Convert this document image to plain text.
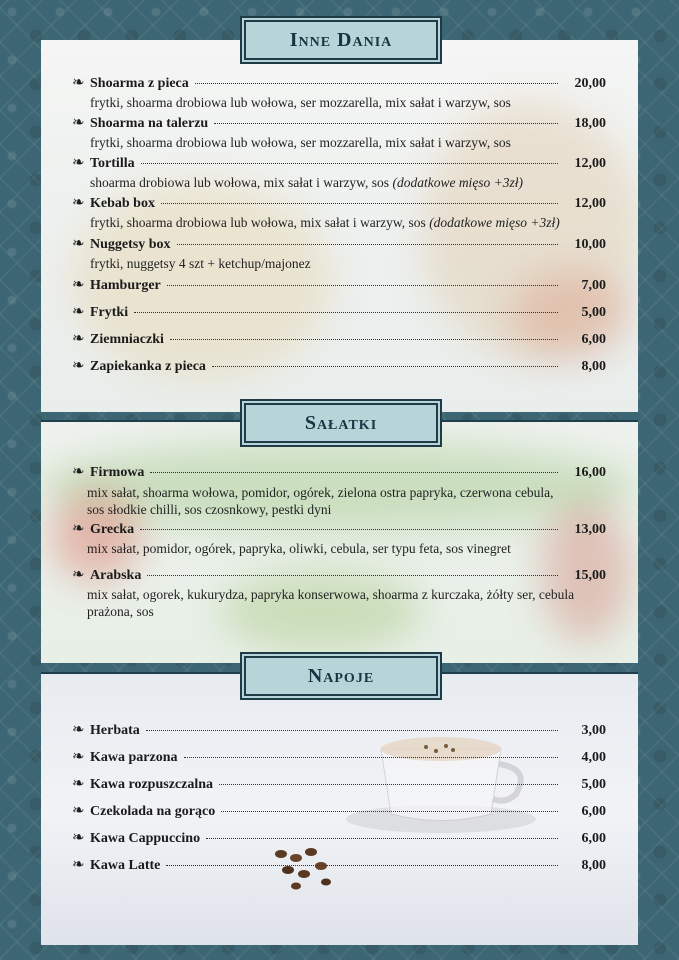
Inne Dania
Sałatki
Napoje
❧ Shoarma z pieca	20,00
frytki, shoarma drobiowa lub wołowa, ser mozzarella, mix sałat i warzyw, sos
❧ Shoarma na talerzu	18,00
frytki, shoarma drobiowa lub wołowa, ser mozzarella, mix sałat i warzyw, sos
❧ Tortilla	12,00
shoarma drobiowa lub wołowa, mix sałat i warzyw, sos (dodatkowe mięso +3zł)
❧ Kebab box	12,00
frytki, shoarma drobiowa lub wołowa, mix sałat i warzyw, sos (dodatkowe mięso +3zł)
❧ Nuggetsy box	10,00
frytki, nuggetsy 4 szt + ketchup/majonez
❧ Hamburger	7,00
❧ Frytki	5,00
❧ Ziemniaczki	6,00
❧ Zapiekanka z pieca	8,00
❧ Firmowa	16,00
mix sałat, shoarma wołowa, pomidor, ogórek, zielona ostra papryka, czerwona cebula,
sos słodkie chilli, sos czosnkowy, pestki dyni
❧ Grecka	13,00
mix sałat, pomidor, ogórek, papryka, oliwki, cebula, ser typu feta, sos vinegret
❧ Arabska	15,00
mix sałat, ogorek, kukurydza, papryka konserwowa, shoarma z kurczaka, żółty ser, cebula
prażona, sos
❧ Herbata	3,00
❧ Kawa parzona	4,00
❧ Kawa rozpuszczalna	5,00
❧ Czekolada na gorąco	6,00
❧ Kawa Cappuccino	6,00
❧ Kawa Latte	8,00
